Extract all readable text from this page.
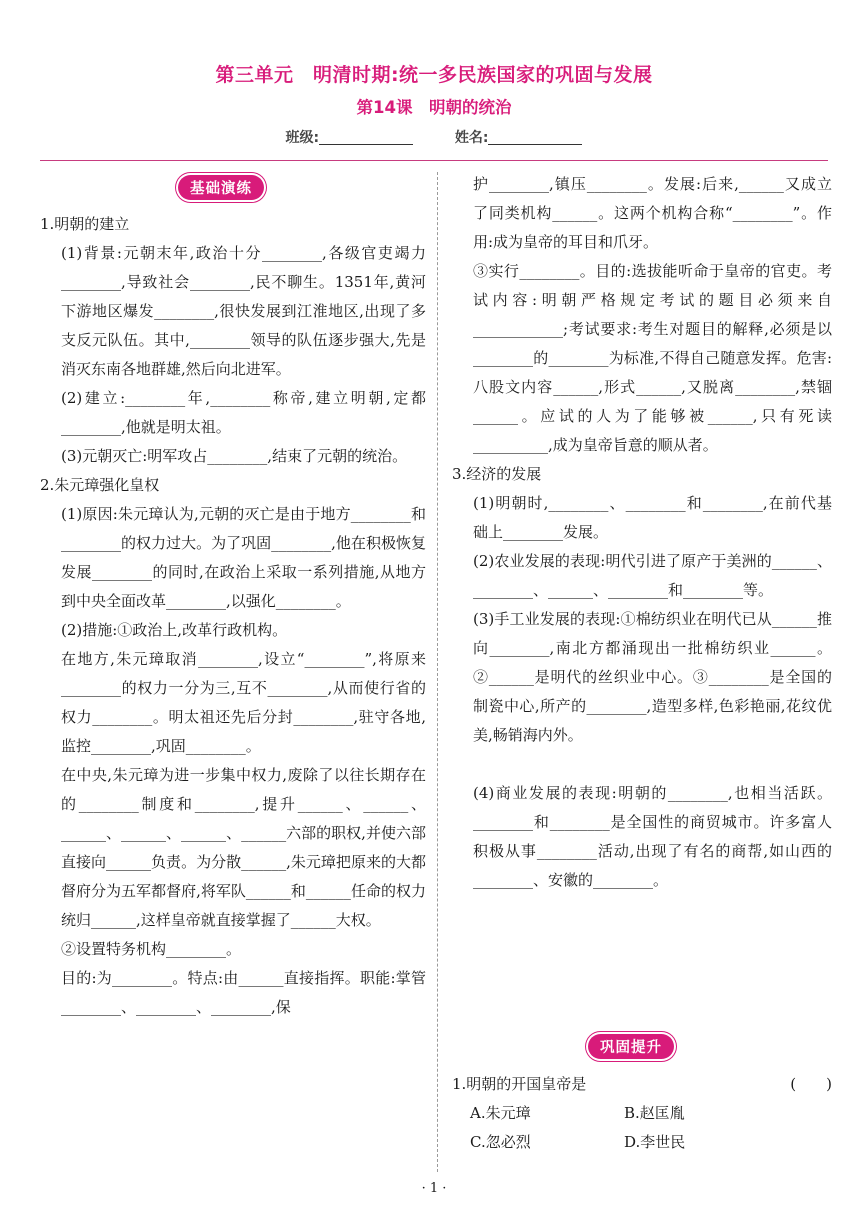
第三单元　明清时期:统一多民族国家的巩固与发展
第14课　明朝的统治
班级:	姓名:
基础演练

1.明朝的建立

(1)背景:元朝末年,政治十分________,各级官吏竭力________,导致社会________,民不聊生。1351年,黄河下游地区爆发________,很快发展到江淮地区,出现了多支反元队伍。其中,________领导的队伍逐步强大,先是消灭东南各地群雄,然后向北进军。

(2)建立:________年,________称帝,建立明朝,定都________,他就是明太祖。

(3)元朝灭亡:明军攻占________,结束了元朝的统治。

2.朱元璋强化皇权

(1)原因:朱元璋认为,元朝的灭亡是由于地方________和________的权力过大。为了巩固________,他在积极恢复发展________的同时,在政治上采取一系列措施,从地方到中央全面改革________,以强化________。

(2)措施:①政治上,改革行政机构。

在地方,朱元璋取消________,设立“________”,将原来________的权力一分为三,互不________,从而使行省的权力________。明太祖还先后分封________,驻守各地,监控________,巩固________。

在中央,朱元璋为进一步集中权力,废除了以往长期存在的________制度和________,提升______、______、______、______、______、______六部的职权,并使六部直接向______负责。为分散______,朱元璋把原来的大都督府分为五军都督府,将军队______和______任命的权力统归______,这样皇帝就直接掌握了______大权。

②设置特务机构________。

目的:为________。特点:由______直接指挥。职能:掌管________、________、________,保

护________,镇压________。发展:后来,______又成立了同类机构______。这两个机构合称“________”。作用:成为皇帝的耳目和爪牙。

③实行________。目的:选拔能听命于皇帝的官吏。考试内容:明朝严格规定考试的题目必须来自____________;考试要求:考生对题目的解释,必须是以________的________为标准,不得自己随意发挥。危害:八股文内容______,形式______,又脱离________,禁锢______。应试的人为了能够被______,只有死读__________,成为皇帝旨意的顺从者。

3.经济的发展

(1)明朝时,________、________和________,在前代基础上________发展。

(2)农业发展的表现:明代引进了原产于美洲的______、________、______、________和________等。

(3)手工业发展的表现:①棉纺织业在明代已从______推向________,南北方都涌现出一批棉纺织业______。②______是明代的丝织业中心。③________是全国的制瓷中心,所产的________,造型多样,色彩艳丽,花纹优美,畅销海内外。

(4)商业发展的表现:明朝的________,也相当活跃。________和________是全国性的商贸城市。许多富人积极从事________活动,出现了有名的商帮,如山西的________、安徽的________。

巩固提升

1.明朝的开国皇帝是	(　　)

A.朱元璋	B.赵匡胤
C.忽必烈	D.李世民
· 1 ·
